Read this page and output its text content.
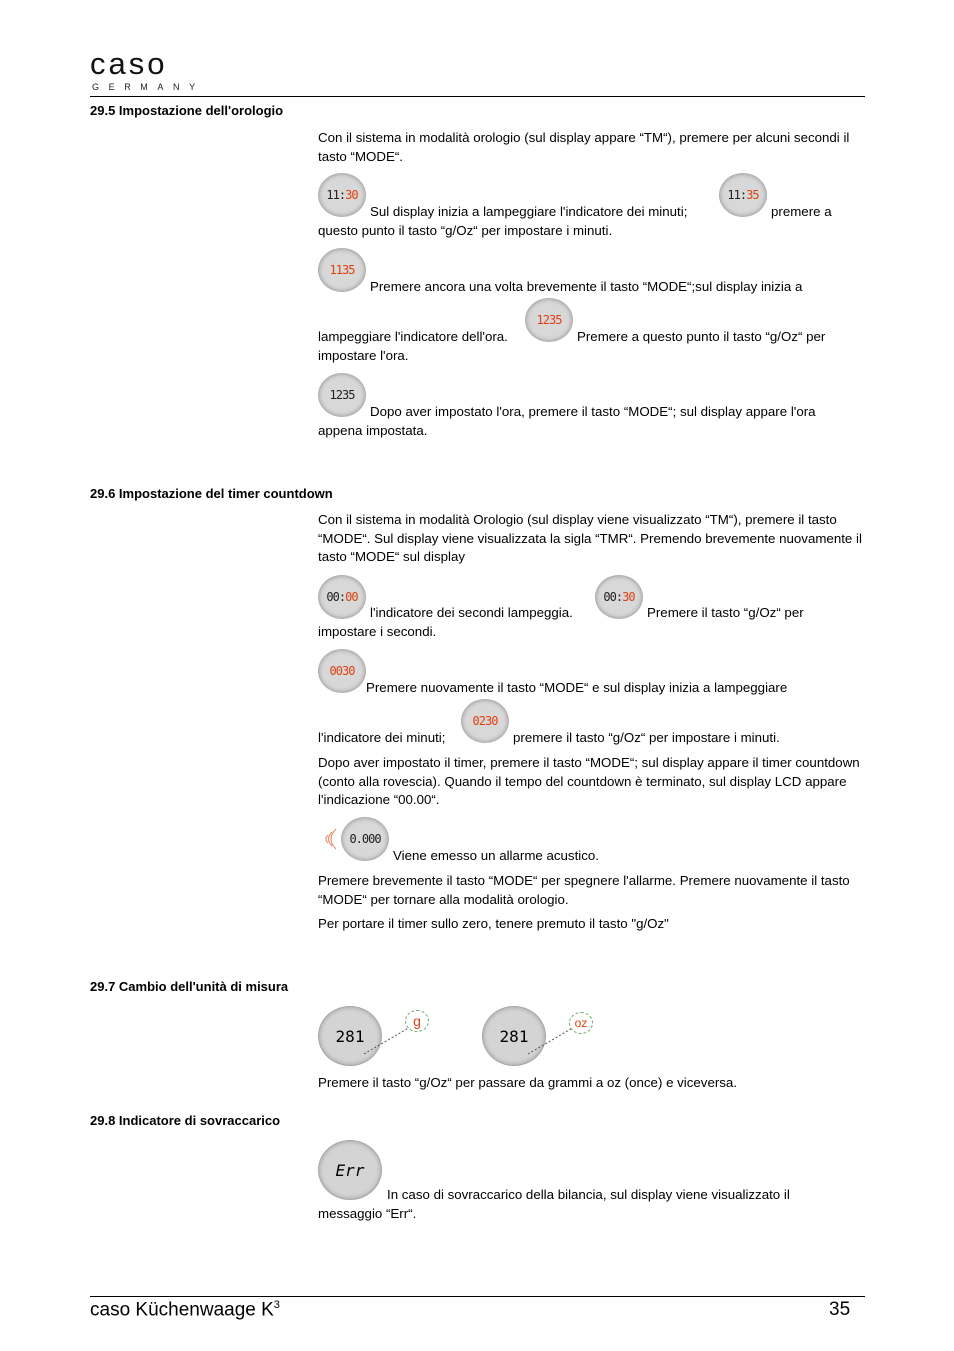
caso
GERMANY
29.5 Impostazione dell'orologio
Con il sistema in modalità orologio (sul display appare “TM“), premere per alcuni secondi il tasto “MODE“.
11: 30
Sul display inizia a lampeggiare l'indicatore dei minuti;
11: 35
premere a
questo punto il tasto “g/Oz“ per impostare i minuti.
1135
Premere ancora una volta brevemente il tasto “MODE“;sul display inizia a
lampeggiare l'indicatore dell'ora.
1235
Premere a questo punto il tasto “g/Oz“ per
impostare l'ora.
1235
Dopo aver impostato l'ora, premere il tasto “MODE“; sul display appare l'ora
appena impostata.
29.6 Impostazione del timer countdown
Con il sistema in modalità Orologio (sul display viene visualizzato “TM“), premere il tasto “MODE“. Sul display viene visualizzata la sigla “TMR“. Premendo brevemente nuovamente il tasto “MODE“ sul display
00: 00
l'indicatore dei secondi lampeggia.
00: 30
Premere il tasto “g/Oz“ per
impostare i secondi.
0030
Premere nuovamente il tasto “MODE“ e sul display inizia a lampeggiare
l'indicatore dei minuti;
0230
premere il tasto “g/Oz“ per impostare i minuti.
Dopo aver impostato il timer, premere il tasto “MODE“; sul display appare il timer countdown (conto alla rovescia). Quando il tempo del countdown è terminato, sul display LCD appare l'indicazione “00.00“.
0.000
Viene emesso un allarme acustico.
Premere brevemente il tasto “MODE“ per spegnere l'allarme. Premere nuovamente il tasto “MODE“ per tornare alla modalità orologio.
Per portare il timer sullo zero, tenere premuto il tasto "g/Oz"
29.7 Cambio dell'unità di misura
281
g
281
oz
Premere il tasto “g/Oz“ per passare da grammi a oz (once) e viceversa.
29.8 Indicatore di sovraccarico
Err
In caso di sovraccarico della bilancia, sul display viene visualizzato il
messaggio “Err“.
caso Küchenwaage $K^3$	35
